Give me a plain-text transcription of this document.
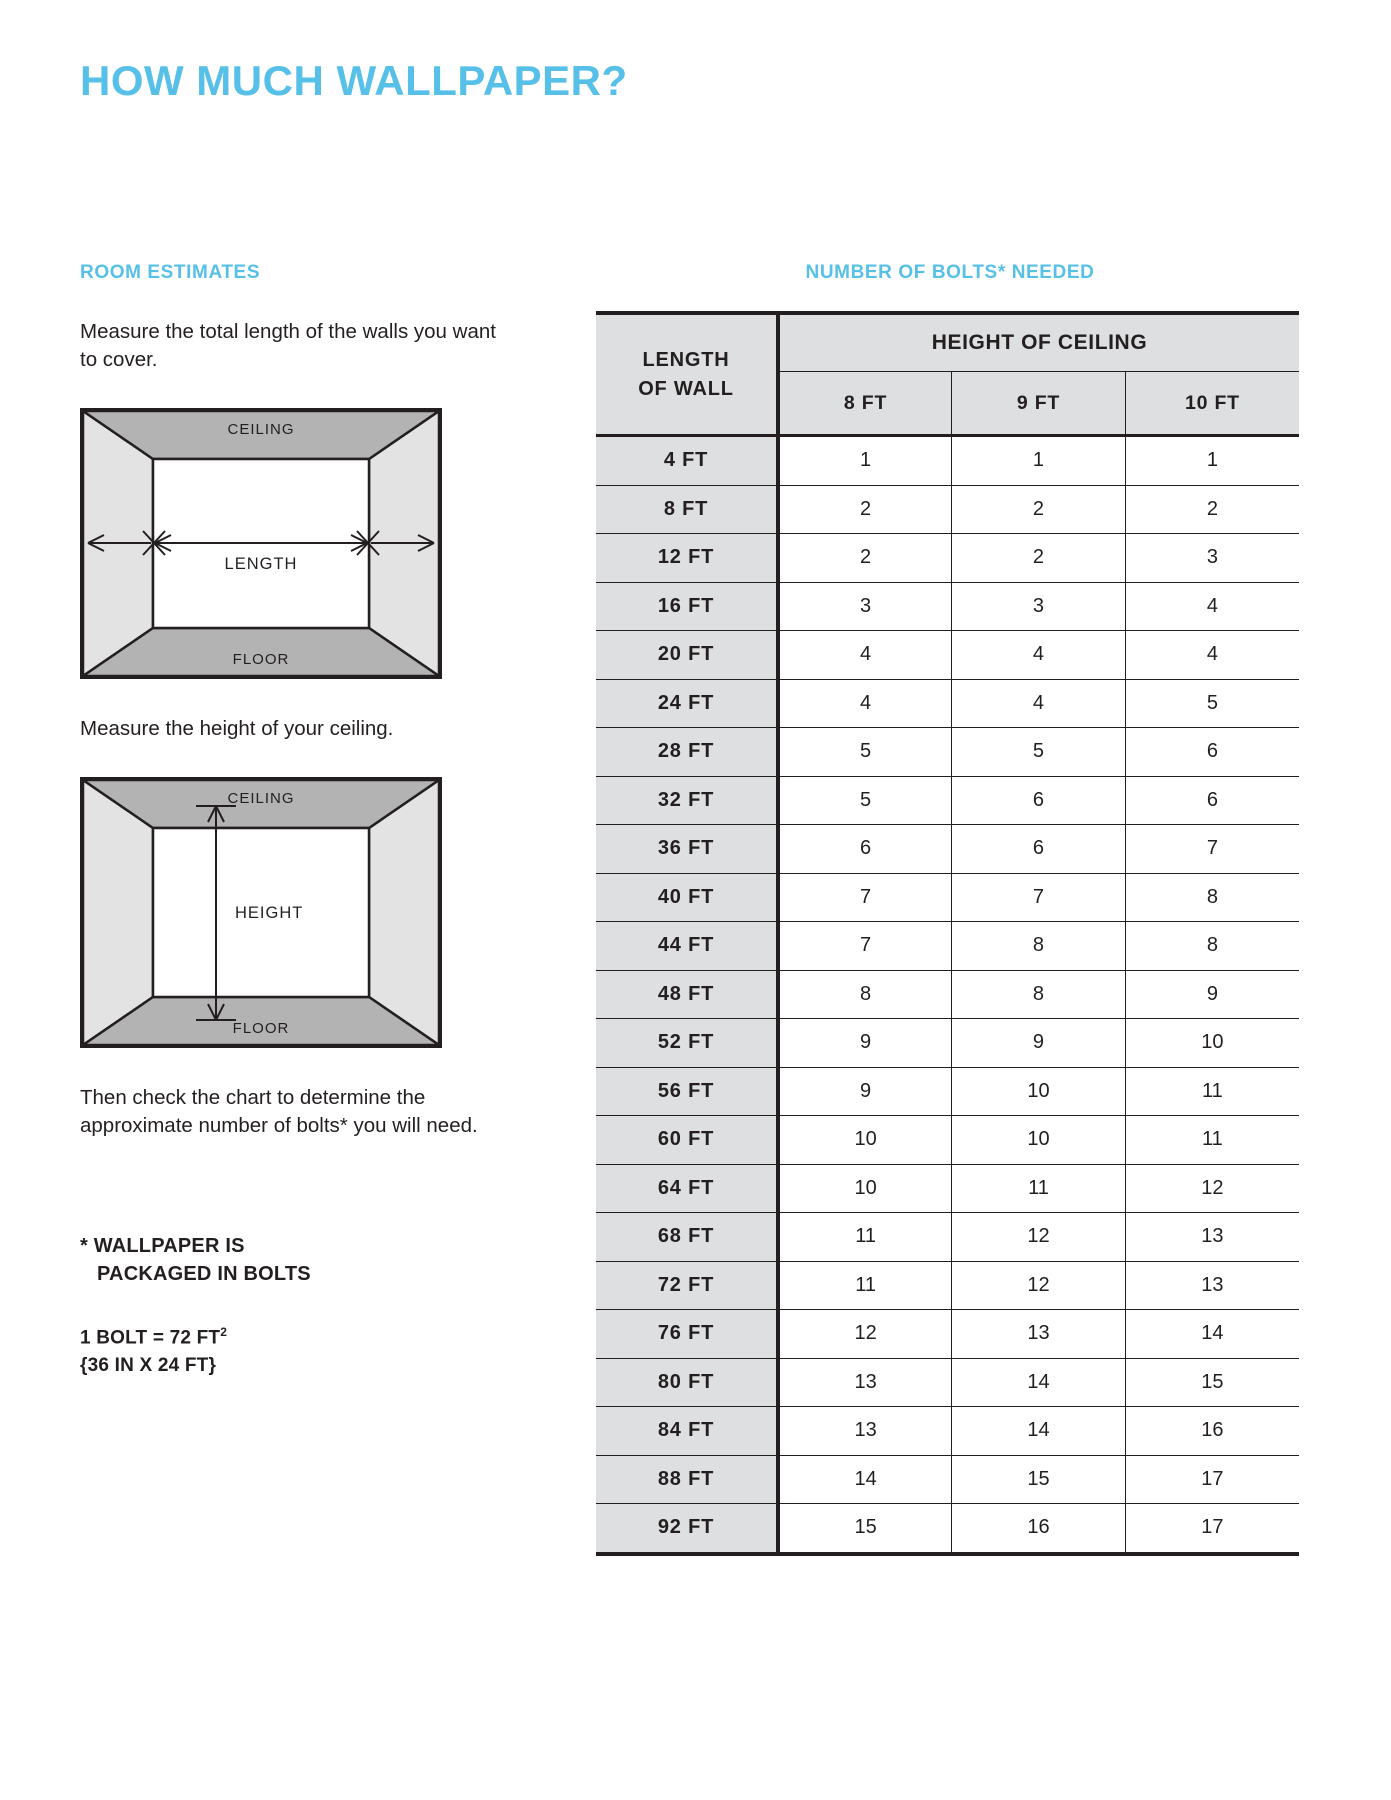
HOW MUCH WALLPAPER?
ROOM ESTIMATES

Measure the total length of the walls you want to cover.

CEILING
FLOOR
LENGTH

Measure the height of your ceiling.

CEILING
FLOOR
HEIGHT

Then check the chart to determine the approximate number of bolts* you will need.

* WALLPAPER IS
PACKAGED IN BOLTS
1 BOLT = 72 $FT^2$
{36 IN X 24 FT}
NUMBER OF BOLTS* NEEDED
LENGTH
OF WALL	HEIGHT OF CEILING		
	8 FT	9 FT	10 FT
4 FT	1	1	1
8 FT	2	2	2
12 FT	2	2	3
16 FT	3	3	4
20 FT	4	4	4
24 FT	4	4	5
28 FT	5	5	6
32 FT	5	6	6
36 FT	6	6	7
40 FT	7	7	8
44 FT	7	8	8
48 FT	8	8	9
52 FT	9	9	10
56 FT	9	10	11
60 FT	10	10	11
64 FT	10	11	12
68 FT	11	12	13
72 FT	11	12	13
76 FT	12	13	14
80 FT	13	14	15
84 FT	13	14	16
88 FT	14	15	17
92 FT	15	16	17
